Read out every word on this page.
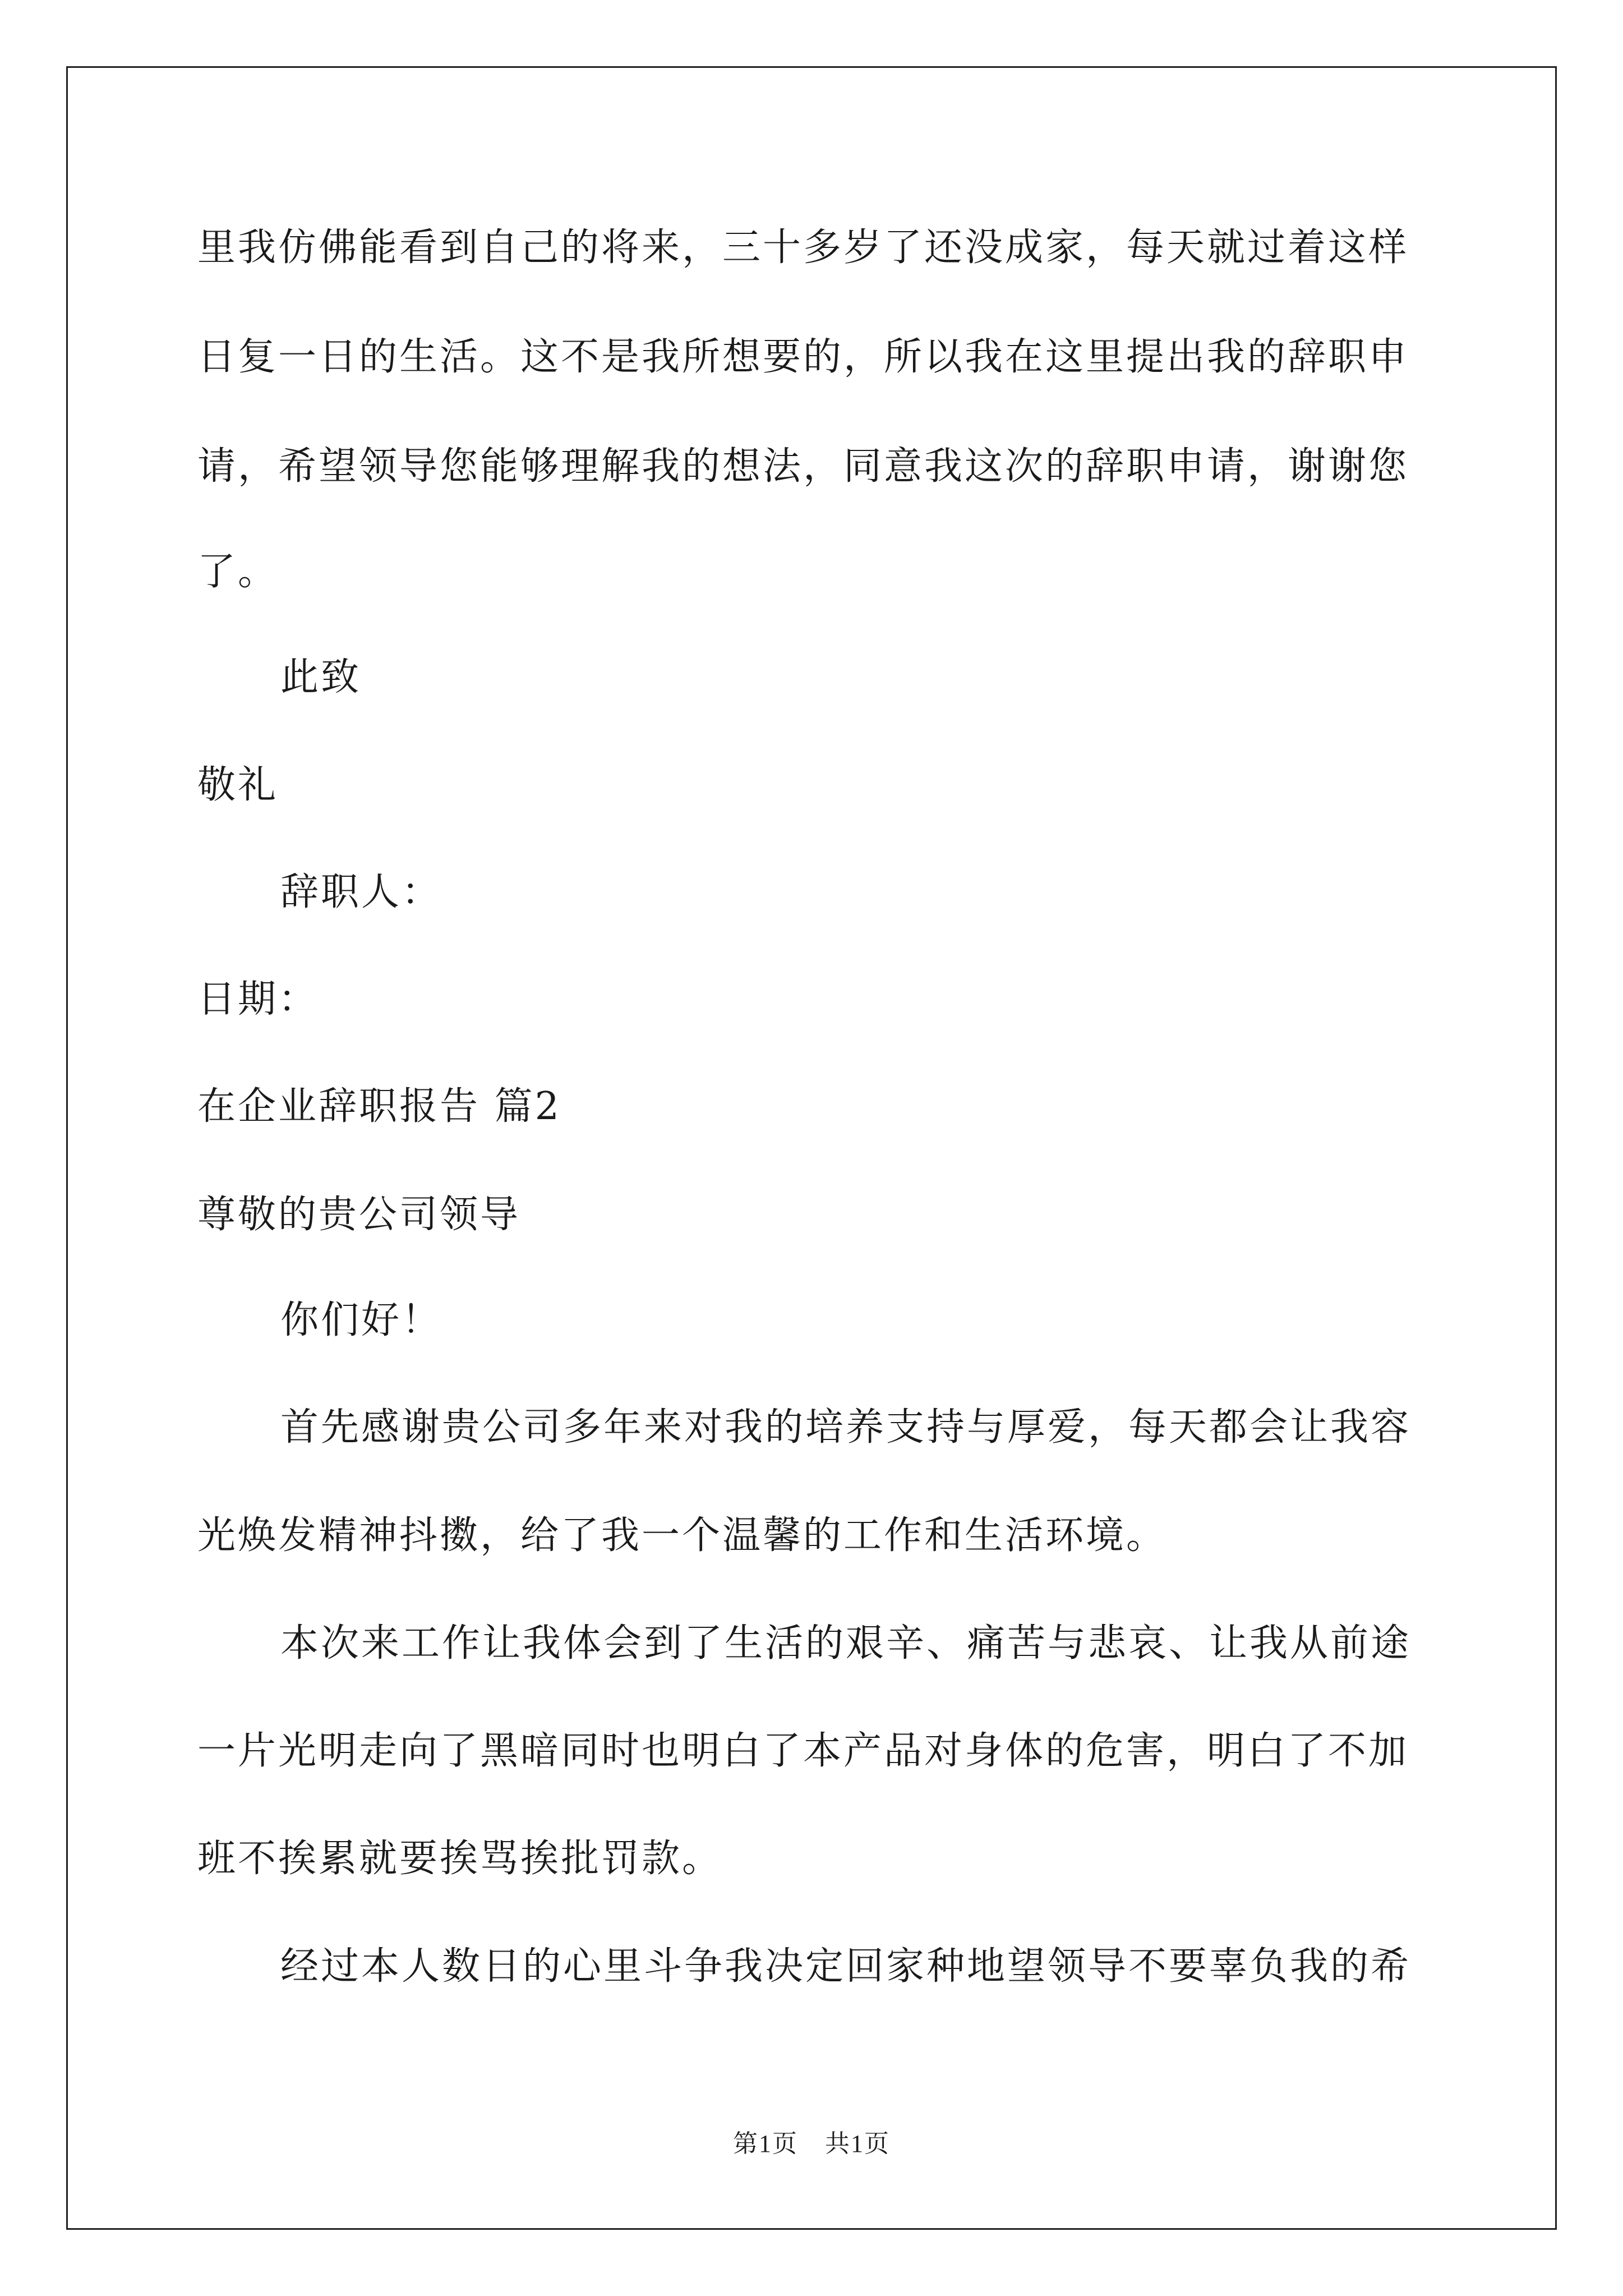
里我仿佛能看到自己的将来，三十多岁了还没成家，每天就过着这样
日复一日的生活。这不是我所想要的，所以我在这里提出我的辞职申
请，希望领导您能够理解我的想法，同意我这次的辞职申请，谢谢您
了。
此致
敬礼
辞职人：
日期：
在企业辞职报告 篇2
尊敬的贵公司领导
你们好！
首先感谢贵公司多年来对我的培养支持与厚爱，每天都会让我容
光焕发精神抖擞，给了我一个温馨的工作和生活环境。
本次来工作让我体会到了生活的艰辛、痛苦与悲哀、让我从前途
一片光明走向了黑暗同时也明白了本产品对身体的危害，明白了不加
班不挨累就要挨骂挨批罚款。
经过本人数日的心里斗争我决定回家种地望领导不要辜负我的希
第1页 共1页
